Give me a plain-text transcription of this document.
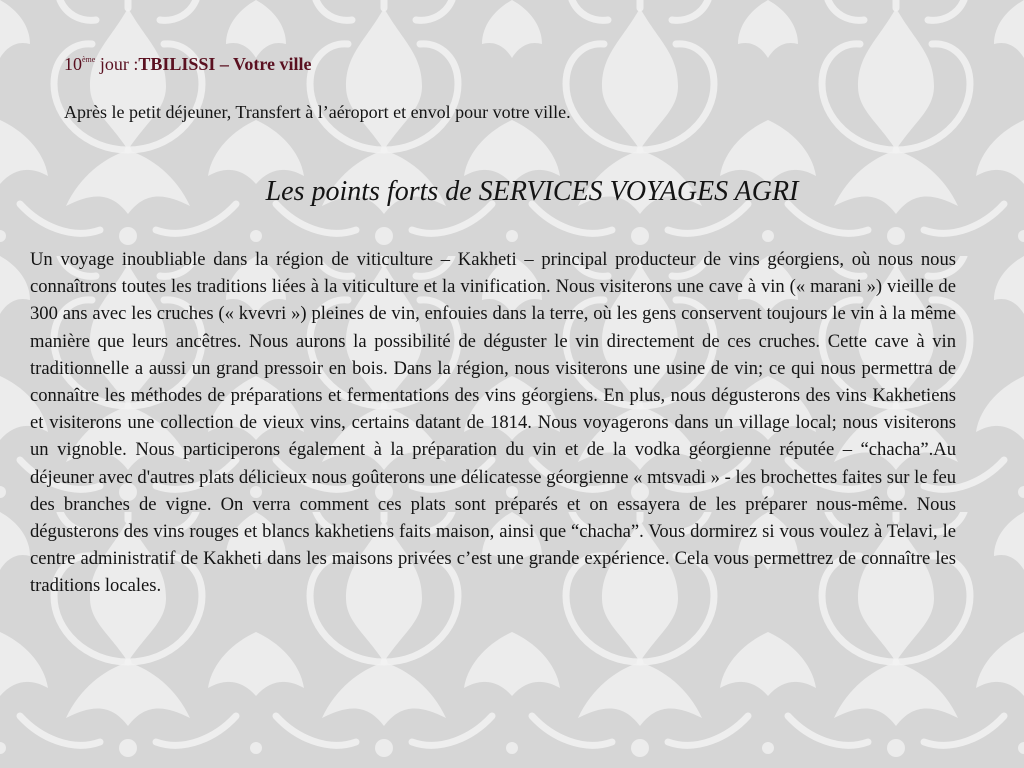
10ème jour :TBILISSI – Votre ville
Après le petit déjeuner, Transfert à l’aéroport et envol pour votre ville.
Les points forts de SERVICES VOYAGES AGRI

Un voyage inoubliable dans la région de viticulture – Kakheti – principal producteur de vins géorgiens, où nous nous connaîtrons toutes les traditions liées à la viticulture et la vinification. Nous visiterons une cave à vin (« marani ») vieille de 300 ans avec les cruches (« kvevri ») pleines de vin, enfouies dans la terre, où les gens conservent toujours le vin à la même manière que leurs ancêtres. Nous aurons la possibilité de déguster le vin directement de ces cruches. Cette cave à vin traditionnelle a aussi un grand pressoir en bois. Dans la région, nous visiterons une usine de vin; ce qui nous permettra de connaître les méthodes de préparations et fermentations des vins géorgiens. En plus, nous dégusterons des vins Kakhetiens et visiterons une collection de vieux vins, certains datant de 1814. Nous voyagerons dans un village local; nous visiterons un vignoble. Nous participerons également à la préparation du vin et de la vodka géorgienne réputée – “chacha”.Au déjeuner avec d'autres plats délicieux nous goûterons une délicatesse géorgienne « mtsvadi » - les brochettes faites sur le feu des branches de vigne. On verra comment ces plats sont préparés et on essayera de les préparer nous-même. Nous dégusterons des vins rouges et blancs kakhetiens faits maison, ainsi que “chacha”. Vous dormirez si vous voulez à Telavi, le centre administratif de Kakheti dans les maisons privées c’est une grande expérience. Cela vous permettrez de connaître les traditions locales.
